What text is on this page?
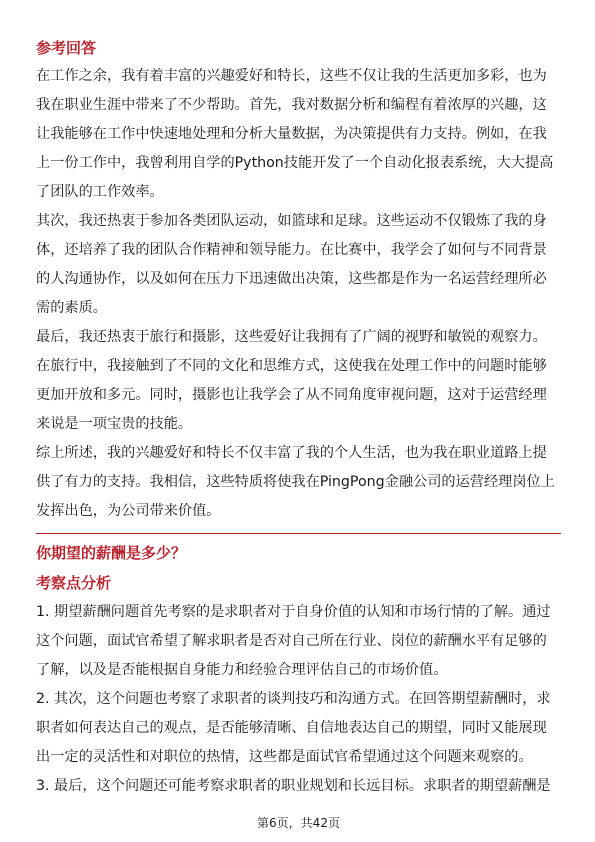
参考回答

在工作之余，我有着丰富的兴趣爱好和特长，这些不仅让我的生活更加多彩，也为

我在职业生涯中带来了不少帮助。首先，我对数据分析和编程有着浓厚的兴趣，这

让我能够在工作中快速地处理和分析大量数据，为决策提供有力支持。例如，在我

上一份工作中，我曾利用自学的Python技能开发了一个自动化报表系统，大大提高

了团队的工作效率。

其次，我还热衷于参加各类团队运动，如篮球和足球。这些运动不仅锻炼了我的身

体，还培养了我的团队合作精神和领导能力。在比赛中，我学会了如何与不同背景

的人沟通协作，以及如何在压力下迅速做出决策，这些都是作为一名运营经理所必

需的素质。

最后，我还热衷于旅行和摄影，这些爱好让我拥有了广阔的视野和敏锐的观察力。

在旅行中，我接触到了不同的文化和思维方式，这使我在处理工作中的问题时能够

更加开放和多元。同时，摄影也让我学会了从不同角度审视问题，这对于运营经理

来说是一项宝贵的技能。

综上所述，我的兴趣爱好和特长不仅丰富了我的个人生活，也为我在职业道路上提

供了有力的支持。我相信，这些特质将使我在PingPong金融公司的运营经理岗位上

发挥出色，为公司带来价值。

你期望的薪酬是多少？
考察点分析

1. 期望薪酬问题首先考察的是求职者对于自身价值的认知和市场行情的了解。通过

这个问题，面试官希望了解求职者是否对自己所在行业、岗位的薪酬水平有足够的

了解，以及是否能根据自身能力和经验合理评估自己的市场价值。

2. 其次，这个问题也考察了求职者的谈判技巧和沟通方式。在回答期望薪酬时，求

职者如何表达自己的观点，是否能够清晰、自信地表达自己的期望，同时又能展现

出一定的灵活性和对职位的热情，这些都是面试官希望通过这个问题来观察的。

3. 最后，这个问题还可能考察求职者的职业规划和长远目标。求职者的期望薪酬是

第6页，共42页
